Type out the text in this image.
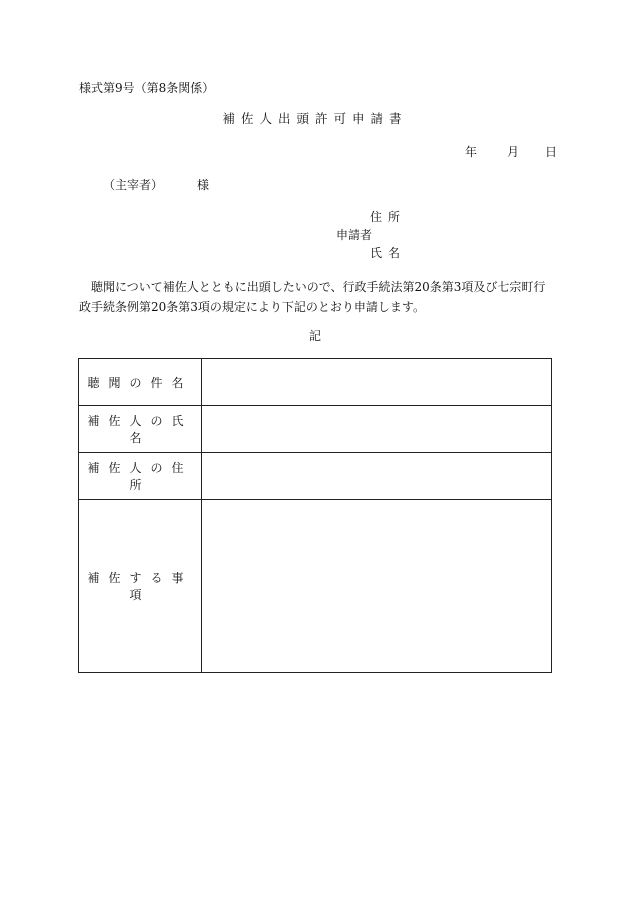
様式第9号（第8条関係）
補佐人出頭許可申請書
年	月 日
（主宰者）	様
住所
申請者
氏名
聴聞について補佐人とともに出頭したいので、行政手続法第20条第3項及び七宗町行政手続条例第20条第3項の規定により下記のとおり申請します。
記
聴聞の件名	
補佐人の氏名	
補佐人の住所	
補佐する事項	
